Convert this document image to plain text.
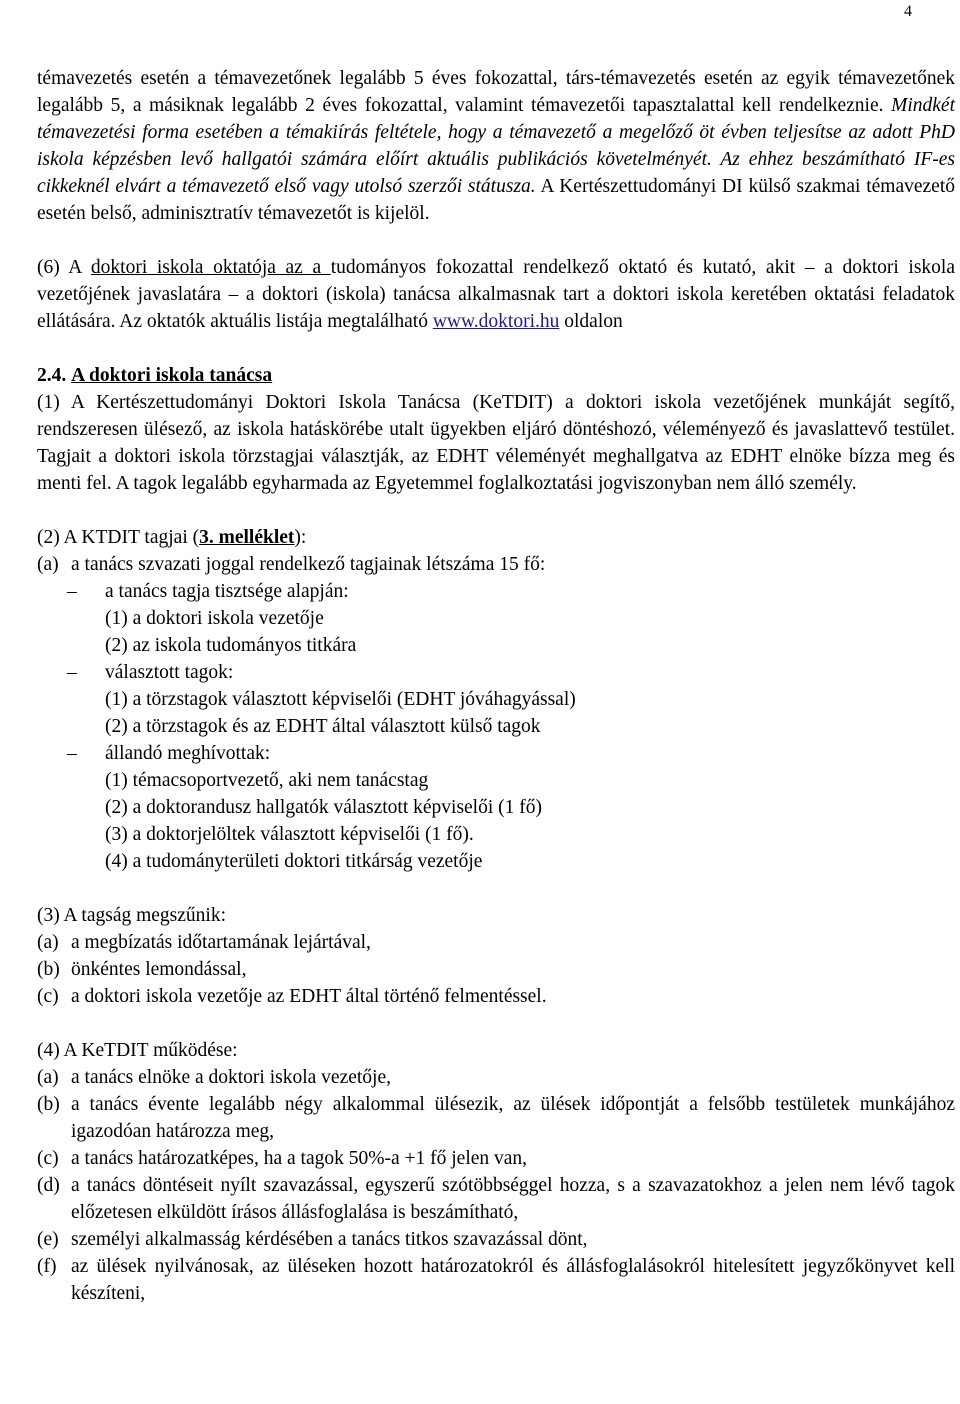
4

témavezetés esetén a témavezetőnek legalább 5 éves fokozattal, társ-témavezetés esetén az egyik témavezetőnek legalább 5, a másiknak legalább 2 éves fokozattal, valamint témavezetői tapasztalattal kell rendelkeznie. Mindkét témavezetési forma esetében a témakiírás feltétele, hogy a témavezető a megelőző öt évben teljesítse az adott PhD iskola képzésben levő hallgatói számára előírt aktuális publikációs követelményét. Az ehhez beszámítható IF-es cikkeknél elvárt a témavezető első vagy utolsó szerzői státusza. A Kertészettudományi DI külső szakmai témavezető esetén belső, adminisztratív témavezetőt is kijelöl.

(6) A doktori iskola oktatója az a tudományos fokozattal rendelkező oktató és kutató, akit – a doktori iskola vezetőjének javaslatára – a doktori (iskola) tanácsa alkalmasnak tart a doktori iskola keretében oktatási feladatok ellátására. Az oktatók aktuális listája megtalálható www.doktori.hu oldalon

2.4. A doktori iskola tanácsa

(1) A Kertészettudományi Doktori Iskola Tanácsa (KeTDIT) a doktori iskola vezetőjének munkáját segítő, rendszeresen ülésező, az iskola hatáskörébe utalt ügyekben eljáró döntéshozó, véleményező és javaslattevő testület. Tagjait a doktori iskola törzstagjai választják, az EDHT véleményét meghallgatva az EDHT elnöke bízza meg és menti fel. A tagok legalább egyharmada az Egyetemmel foglalkoztatási jogviszonyban nem álló személy.

(2) A KTDIT tagjai (3. melléklet):

(a) a tanács szvazati joggal rendelkező tagjainak létszáma 15 fő:
– a tanács tagja tisztsége alapján:
(1) a doktori iskola vezetője
(2) az iskola tudományos titkára
– választott tagok:
(1) a törzstagok választott képviselői (EDHT jóváhagyással)
(2) a törzstagok és az EDHT által választott külső tagok
– állandó meghívottak:
(1) témacsoportvezető, aki nem tanácstag
(2) a doktorandusz hallgatók választott képviselői (1 fő)
(3) a doktorjelöltek választott képviselői (1 fő).
(4) a tudományterületi doktori titkárság vezetője

(3) A tagság megszűnik:

(a) a megbízatás időtartamának lejártával,
(b) önkéntes lemondással,
(c) a doktori iskola vezetője az EDHT által történő felmentéssel.

(4) A KeTDIT működése:

(a) a tanács elnöke a doktori iskola vezetője,
(b) a tanács évente legalább négy alkalommal ülésezik, az ülések időpontját a felsőbb testületek munkájához igazodóan határozza meg,
(c) a tanács határozatképes, ha a tagok 50%-a +1 fő jelen van,
(d) a tanács döntéseit nyílt szavazással, egyszerű szótöbbséggel hozza, s a szavazatokhoz a jelen nem lévő tagok előzetesen elküldött írásos állásfoglalása is beszámítható,
(e) személyi alkalmasság kérdésében a tanács titkos szavazással dönt,
(f) az ülések nyilvánosak, az üléseken hozott határozatokról és állásfoglalásokról hitelesített jegyzőkönyvet kell készíteni,
